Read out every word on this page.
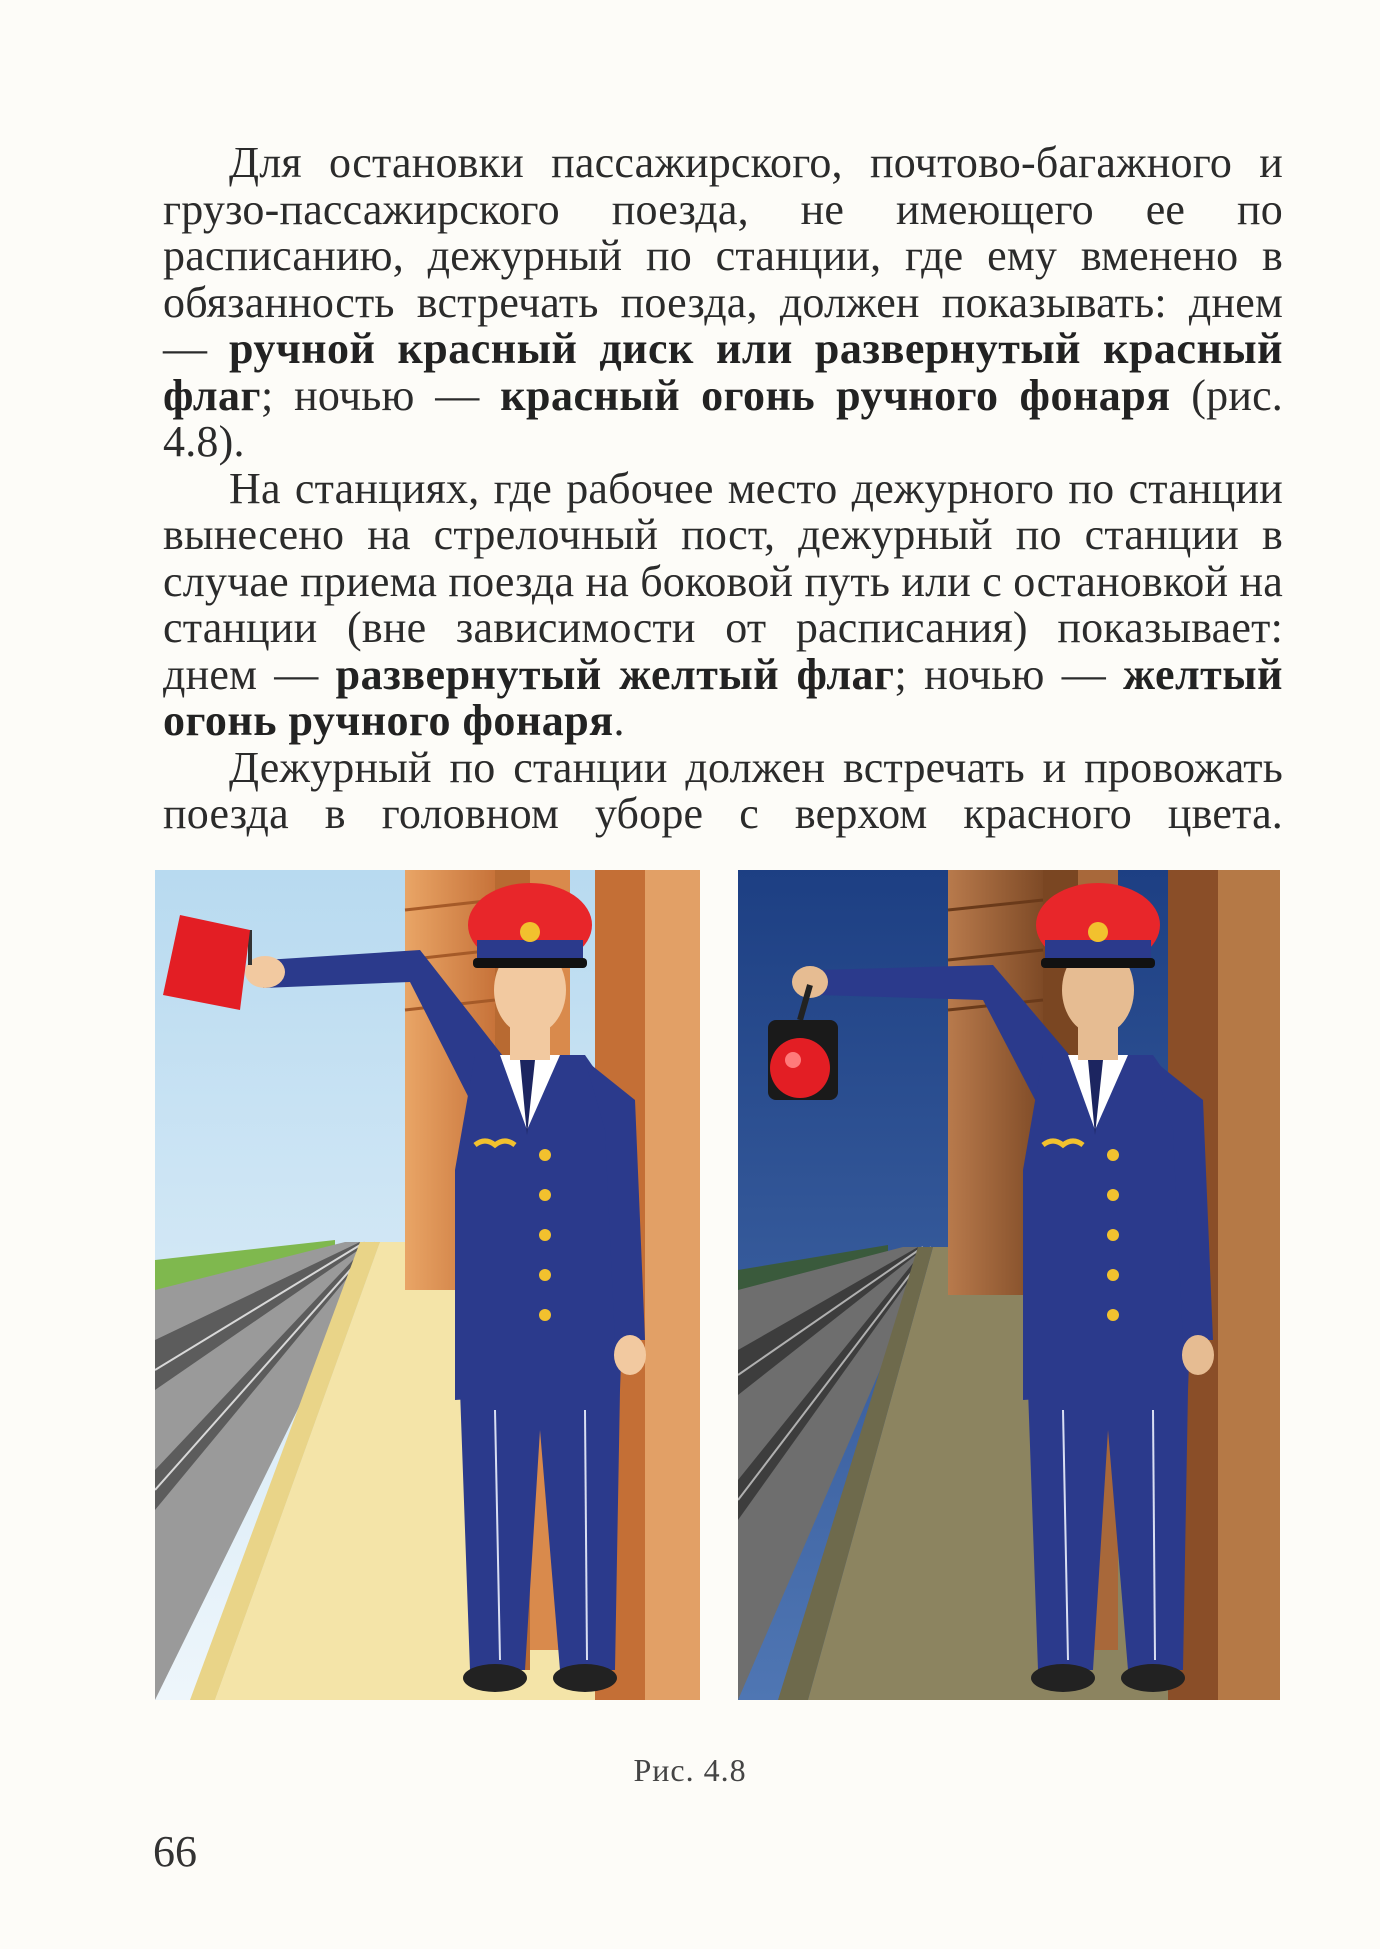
Для остановки пассажирского, почтово-багажного и грузо-пассажирского поезда, не имеющего ее по расписанию, дежурный по станции, где ему вменено в обязанность встречать поезда, должен показывать: днем — ручной красный диск или развернутый красный флаг; ночью — красный огонь ручного фонаря (рис. 4.8).

На станциях, где рабочее место дежурного по станции вынесено на стрелочный пост, дежурный по станции в случае приема поезда на боковой путь или с остановкой на станции (вне зависимости от расписания) показывает: днем — развернутый желтый флаг; ночью — желтый огонь ручного фонаря.

Дежурный по станции должен встречать и провожать поезда в головном уборе с верхом красного цвета.

Рис. 4.8
66
